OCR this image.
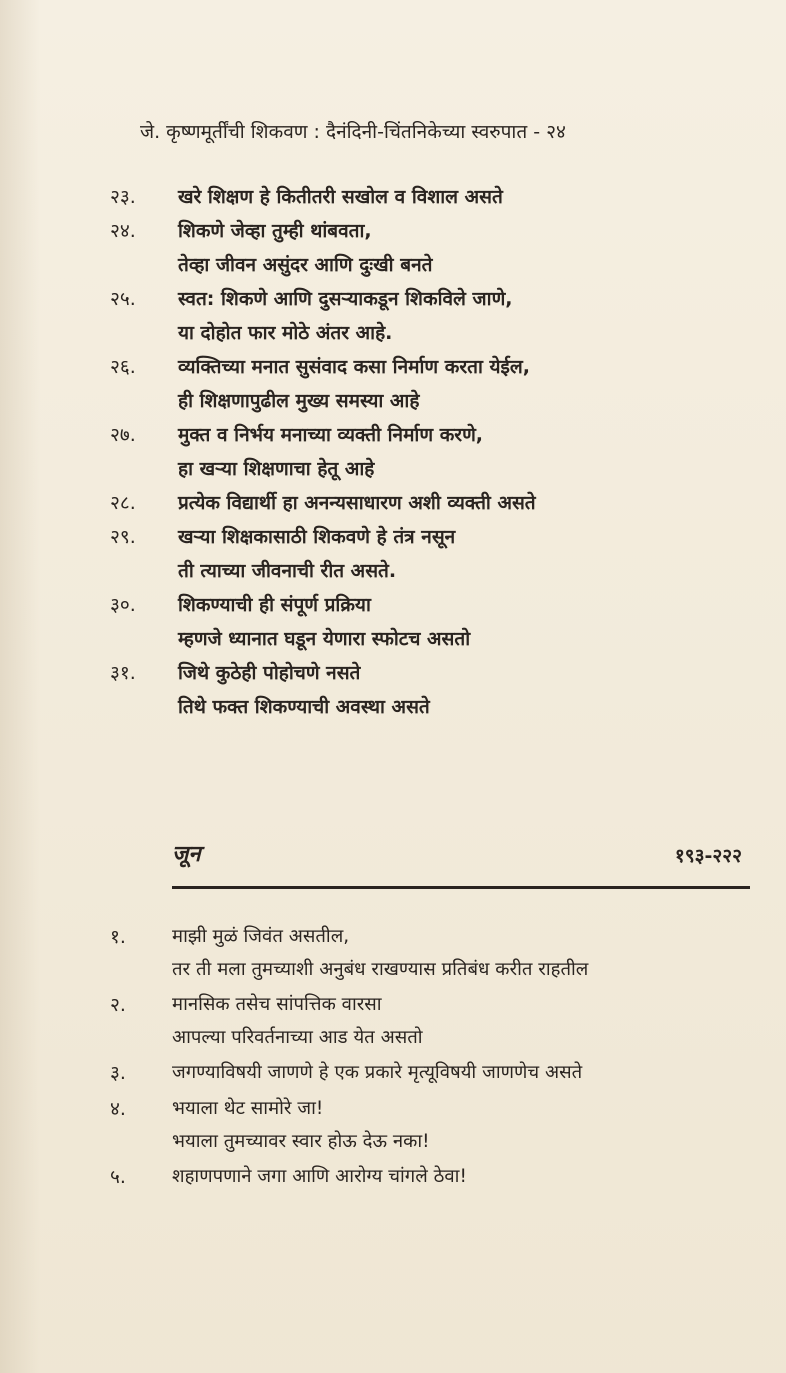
जे. कृष्णमूर्तींची शिकवण : दैनंदिनी-चिंतनिकेच्या स्वरुपात - २४
२३.	खरे शिक्षण हे कितीतरी सखोल व विशाल असते
२४.	शिकणे जेव्हा तुम्ही थांबवता,
तेव्हा जीवन असुंदर आणि दुःखी बनते
२५.	स्वत: शिकणे आणि दुसऱ्याकडून शिकविले जाणे,
या दोहोत फार मोठे अंतर आहे.
२६.	व्यक्तिच्या मनात सुसंवाद कसा निर्माण करता येईल,
ही शिक्षणापुढील मुख्य समस्या आहे
२७.	मुक्त व निर्भय मनाच्या व्यक्ती निर्माण करणे,
हा खऱ्या शिक्षणाचा हेतू आहे
२८.	प्रत्येक विद्यार्थी हा अनन्यसाधारण अशी व्यक्ती असते
२९.	खऱ्या शिक्षकासाठी शिकवणे हे तंत्र नसून
ती त्याच्या जीवनाची रीत असते.
३०.	शिकण्याची ही संपूर्ण प्रक्रिया
म्हणजे ध्यानात घडून येणारा स्फोटच असतो
३१.	जिथे कुठेही पोहोचणे नसते
तिथे फक्त शिकण्याची अवस्था असते
जून	१९३-२२२
१.	माझी मुळं जिवंत असतील,
तर ती मला तुमच्याशी अनुबंध राखण्यास प्रतिबंध करीत राहतील
२.	मानसिक तसेच सांपत्तिक वारसा
आपल्या परिवर्तनाच्या आड येत असतो
३.	जगण्याविषयी जाणणे हे एक प्रकारे मृत्यूविषयी जाणणेच असते
४.	भयाला थेट सामोरे जा!
भयाला तुमच्यावर स्वार होऊ देऊ नका!
५.	शहाणपणाने जगा आणि आरोग्य चांगले ठेवा!
